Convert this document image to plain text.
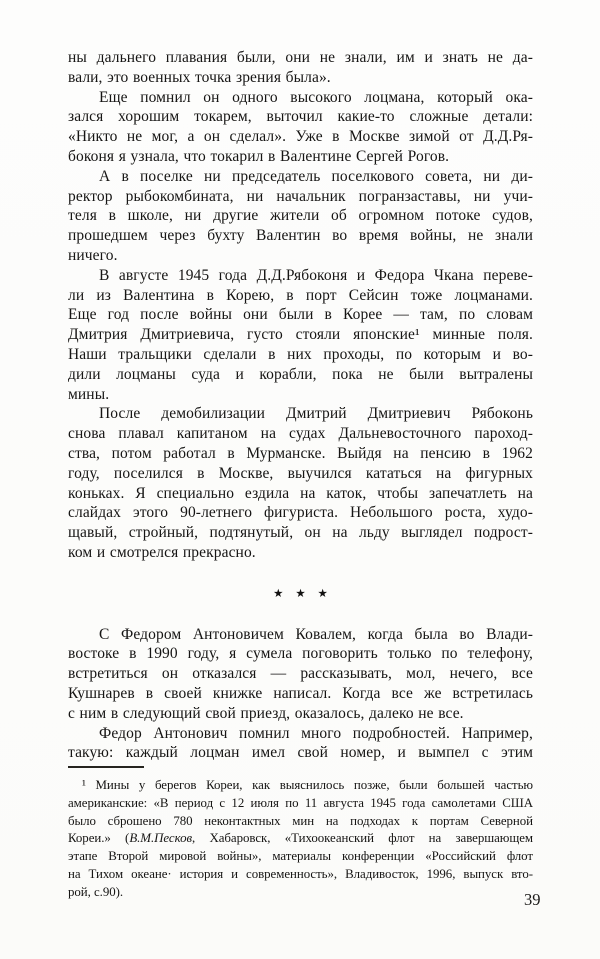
ны дальнего плавания были, они не знали, им и знать не да-
вали, это военных точка зрения была».
Еще помнил он одного высокого лоцмана, который ока-
зался хорошим токарем, выточил какие-то сложные детали:
«Никто не мог, а он сделал». Уже в Москве зимой от Д.Д.Ря-
боконя я узнала, что токарил в Валентине Сергей Рогов.
А в поселке ни председатель поселкового совета, ни ди-
ректор рыбокомбината, ни начальник погранзаставы, ни учи-
теля в школе, ни другие жители об огромном потоке судов,
прошедшем через бухту Валентин во время войны, не знали
ничего.
В августе 1945 года Д.Д.Рябоконя и Федора Чкана переве-
ли из Валентина в Корею, в порт Сейсин тоже лоцманами.
Еще год после войны они были в Корее — там, по словам
Дмитрия Дмитриевича, густо стояли японские¹ минные поля.
Наши тральщики сделали в них проходы, по которым и во-
дили лоцманы суда и корабли, пока не были вытралены
мины.
После демобилизации Дмитрий Дмитриевич Рябоконь
снова плавал капитаном на судах Дальневосточного пароход-
ства, потом работал в Мурманске. Выйдя на пенсию в 1962
году, поселился в Москве, выучился кататься на фигурных
коньках. Я специально ездила на каток, чтобы запечатлеть на
слайдах этого 90-летнего фигуриста. Небольшого роста, худо-
щавый, стройный, подтянутый, он на льду выглядел подрост-
ком и смотрелся прекрасно.
★ ★ ★
С Федором Антоновичем Ковалем, когда была во Влади-
востоке в 1990 году, я сумела поговорить только по телефону,
встретиться он отказался — рассказывать, мол, нечего, все
Кушнарев в своей книжке написал. Когда все же встретилась
с ним в следующий свой приезд, оказалось, далеко не все.
Федор Антонович помнил много подробностей. Например,
такую: каждый лоцман имел свой номер, и вымпел с этим
¹ Мины у берегов Кореи, как выяснилось позже, были большей частью
американские: «В период с 12 июля по 11 августа 1945 года самолетами США
было сброшено 780 неконтактных мин на подходах к портам Северной
Кореи.» (В.М.Песков, Хабаровск, «Тихоокеанский флот на завершающем
этапе Второй мировой войны», материалы конференции «Российский флот
на Тихом океане· история и современность», Владивосток, 1996, выпуск вто-
рой, с.90).	39
